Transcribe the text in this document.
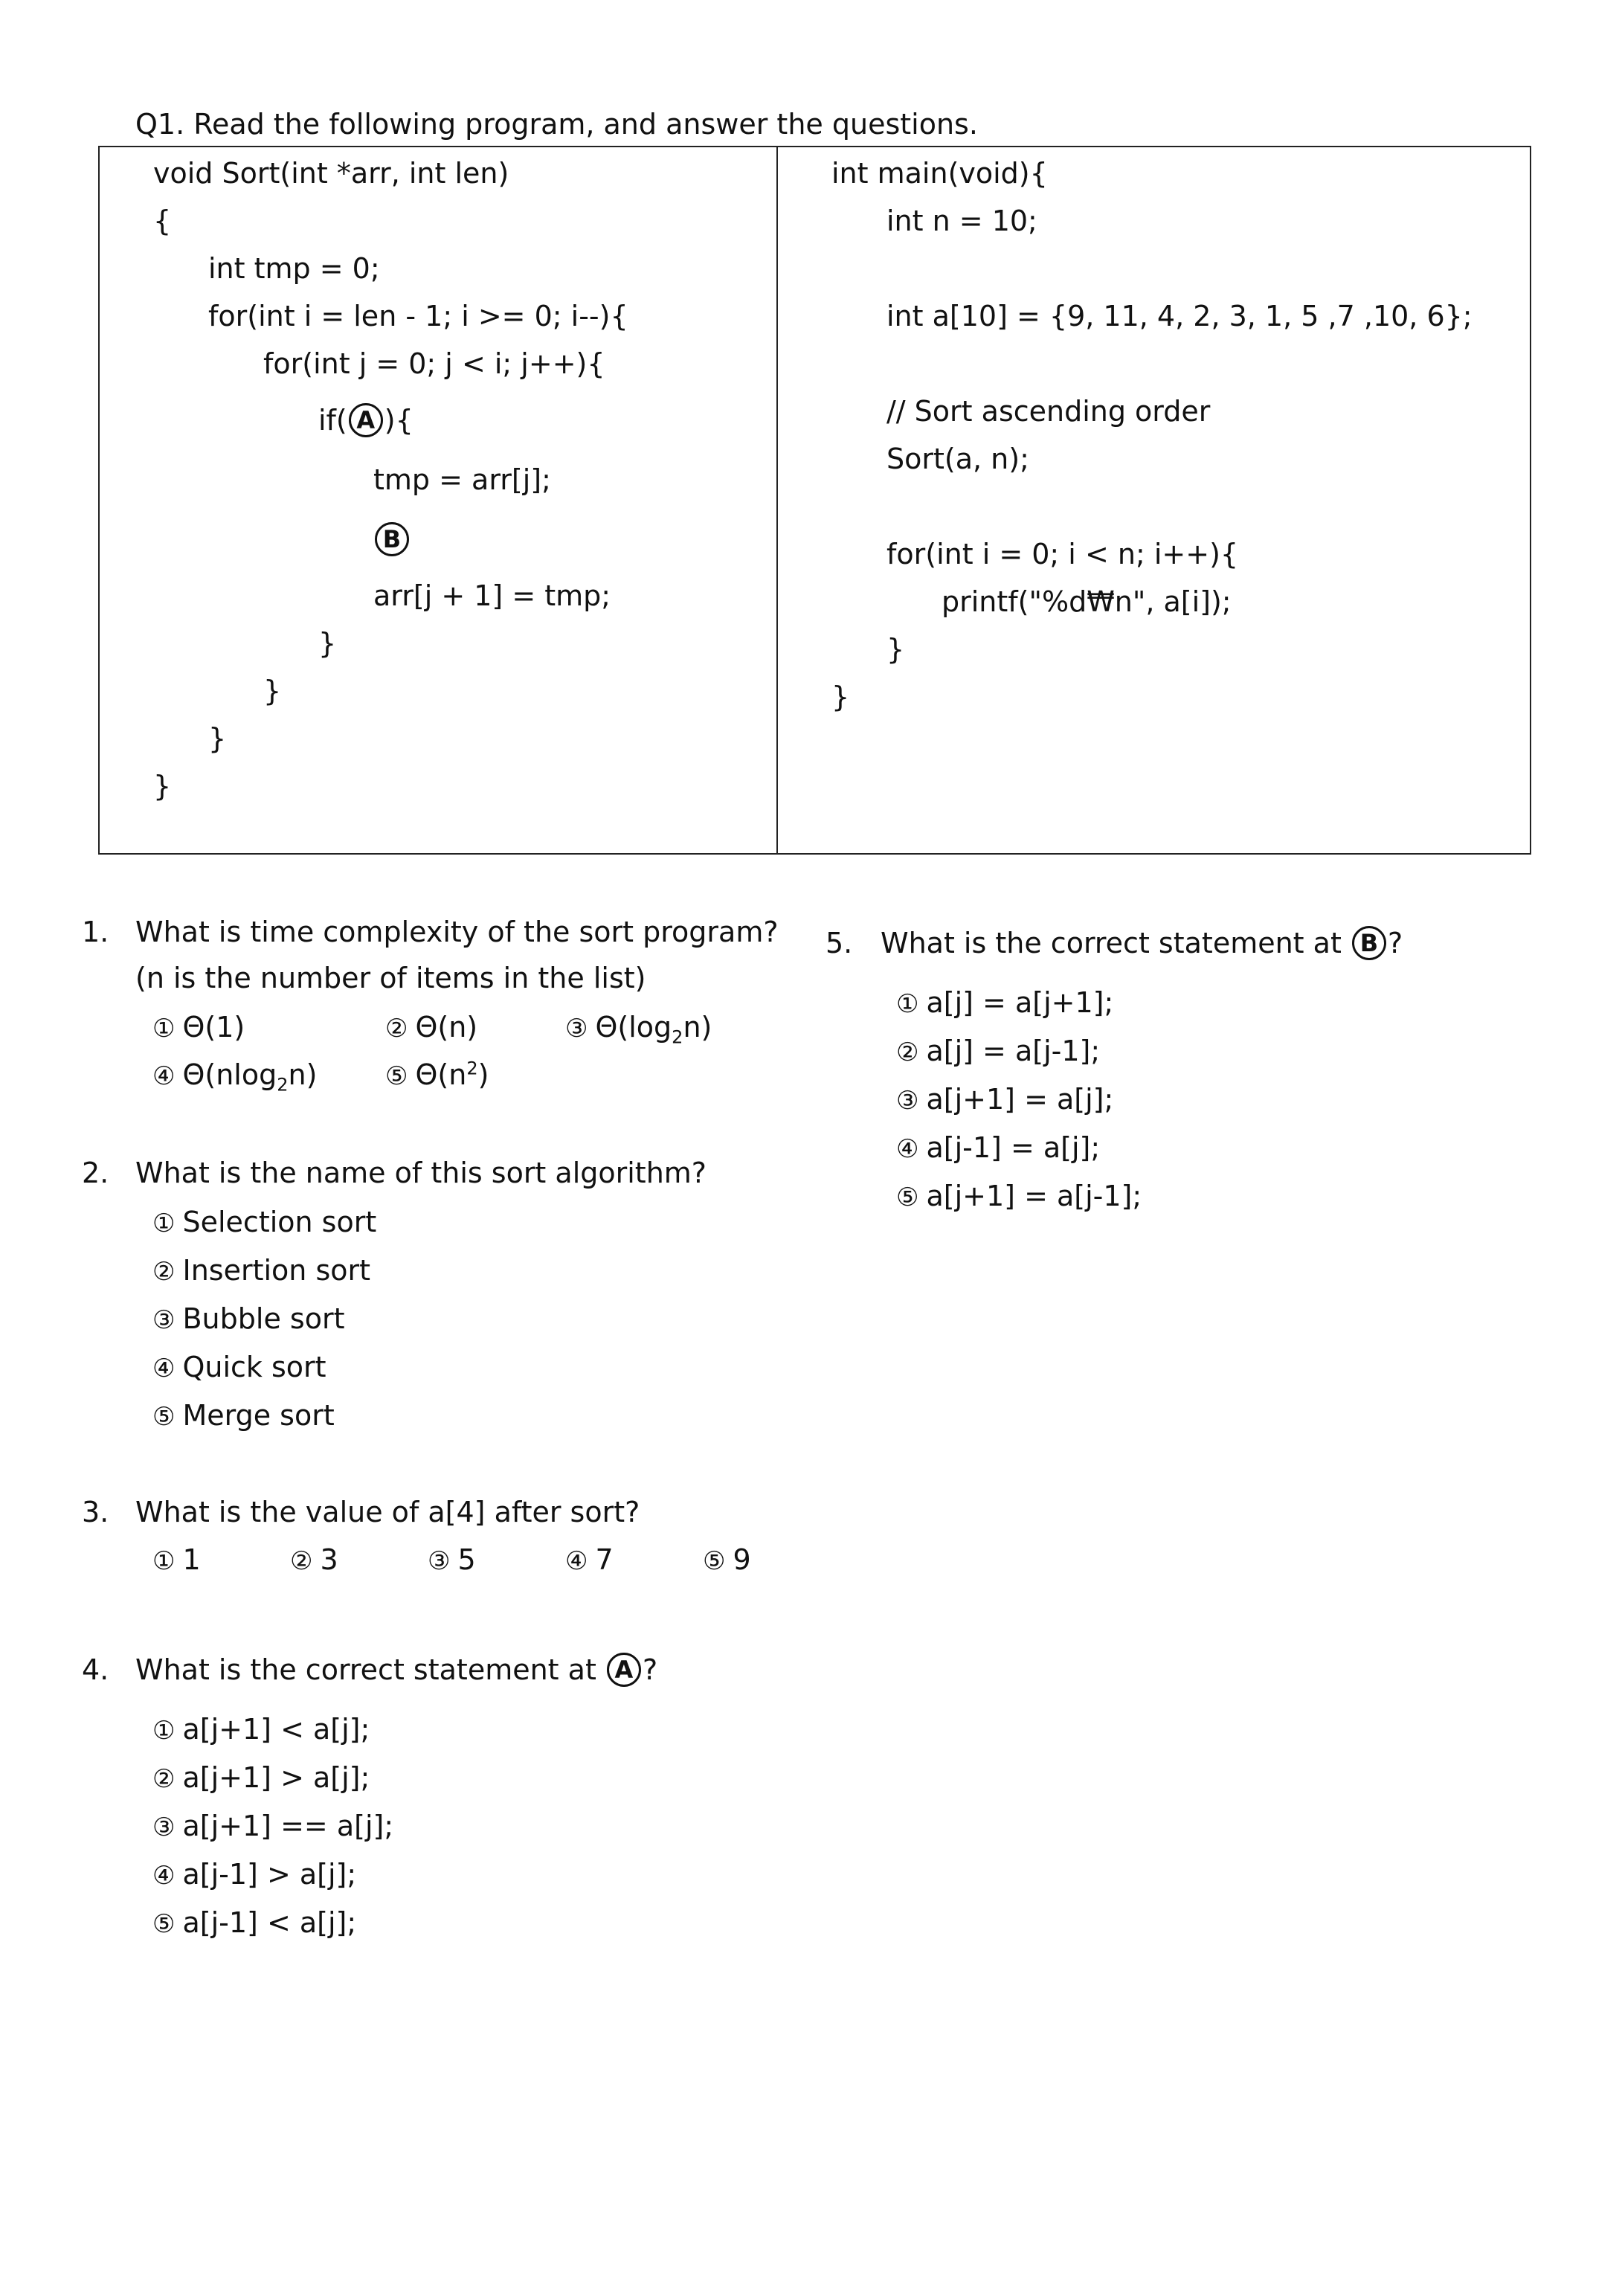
Q1. Read the following program, and answer the questions.
void Sort(int *arr, int len)
{
int tmp = 0;
for(int i = len - 1; i >= 0; i--){
for(int j = 0; j < i; j++){
if( A ){
tmp = arr[j];
B
arr[j + 1] = tmp;
}
}
}
}
int main(void){
int n = 10;
int a[10] = {9, 11, 4, 2, 3, 1, 5 ,7 ,10, 6};
// Sort ascending order
Sort(a, n);
for(int i = 0; i < n; i++){
printf("%d₩n", a[i]);
}
}
1. What is time complexity of the sort program? (n is the number of items in the list)
① Θ(1)	② Θ(n)	③ $\Theta(\log_2n)$
④ Θ(nlog$_2$n)	⑤ $\Theta(n^2)$
2. What is the name of this sort algorithm?
① Selection sort
② Insertion sort
③ Bubble sort
④ Quick sort
⑤ Merge sort
3. What is the value of a[4] after sort?
① 1	② 3	③ 5	④ 7	⑤ 9
4. What is the correct statement at A ?
① a[j+1] < a[j];
② a[j+1] > a[j];
③ a[j+1] == a[j];
④ a[j-1] > a[j];
⑤ a[j-1] < a[j];
5. What is the correct statement at B ?
① a[j] = a[j+1];
② a[j] = a[j-1];
③ a[j+1] = a[j];
④ a[j-1] = a[j];
⑤ a[j+1] = a[j-1];
